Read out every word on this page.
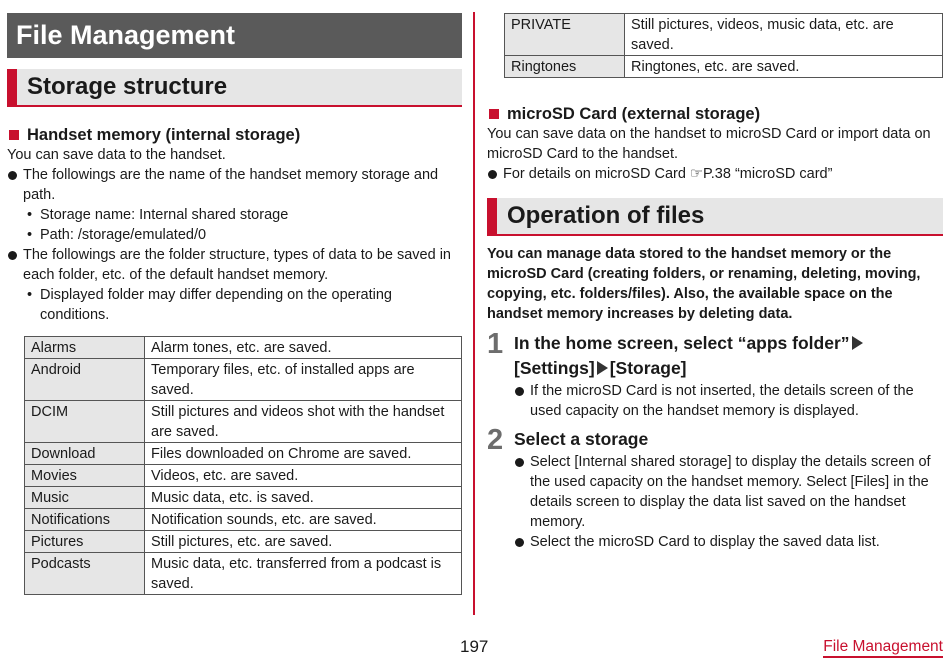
File Management
Storage structure
Handset memory (internal storage)
You can save data to the handset.
The followings are the name of the handset memory storage and path.
• Storage name: Internal shared storage
• Path: /storage/emulated/0
The followings are the folder structure, types of data to be saved in each folder, etc. of the default handset memory.
• Displayed folder may differ depending on the operating conditions.
Alarms	Alarm tones, etc. are saved.
Android	Temporary files, etc. of installed apps are saved.
DCIM	Still pictures and videos shot with the handset are saved.
Download	Files downloaded on Chrome are saved.
Movies	Videos, etc. are saved.
Music	Music data, etc. is saved.
Notifications	Notification sounds, etc. are saved.
Pictures	Still pictures, etc. are saved.
Podcasts	Music data, etc. transferred from a podcast is saved.
PRIVATE	Still pictures, videos, music data, etc. are saved.
Ringtones	Ringtones, etc. are saved.
microSD Card (external storage)
You can save data on the handset to microSD Card or import data on microSD Card to the handset.
For details on microSD Card ☞P.38 “microSD card”
Operation of files
You can manage data stored to the handset memory or the microSD Card (creating folders, or renaming, deleting, moving, copying, etc. folders/files). Also, the available space on the handset memory increases by deleting data.
1 In the home screen, select “apps folder”
[Settings] [Storage]
If the microSD Card is not inserted, the details screen of the used capacity on the handset memory is displayed.
2 Select a storage
Select [Internal shared storage] to display the details screen of the used capacity on the handset memory. Select [Files] in the details screen to display the data list saved on the handset memory.
Select the microSD Card to display the saved data list.
197	File Management
